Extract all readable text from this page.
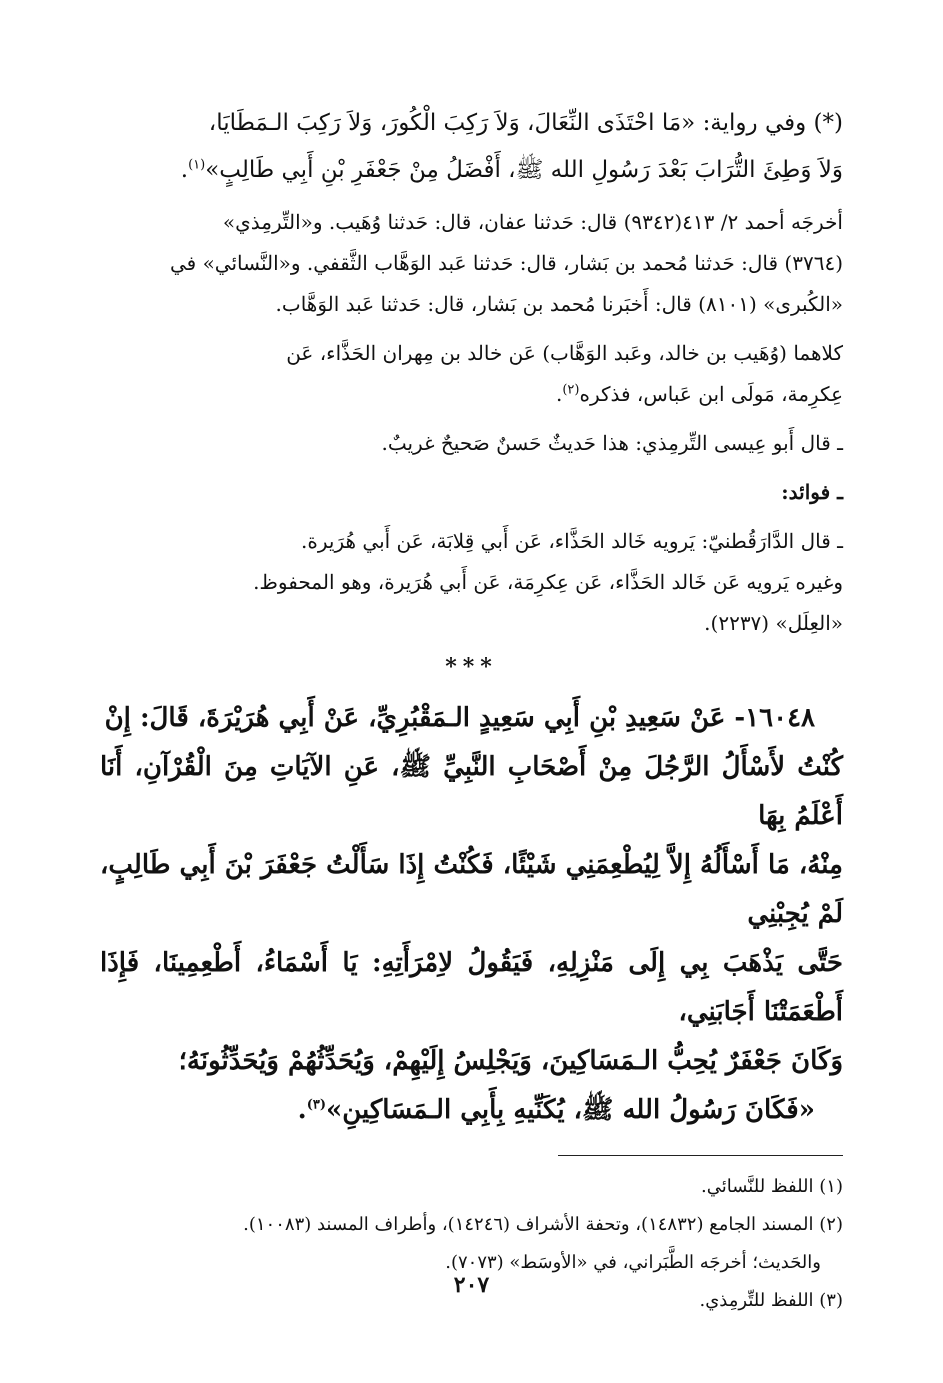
(*) وفي رواية: «مَا احْتَذَى النِّعَالَ، وَلاَ رَكِبَ الْكُورَ، وَلاَ رَكِبَ الـمَطَايَا،
وَلاَ وَطِئَ التُّرَابَ بَعْدَ رَسُولِ الله ﷺ، أَفْضَلُ مِنْ جَعْفَرِ بْنِ أَبِي طَالِبٍ»$^{(١)}$.

أخرجَه أحمد ٢/ ٤١٣(٩٣٤٢) قال: حَدثنا عفان، قال: حَدثنا وُهَيب. و«التِّرمِذي»
(٣٧٦٤) قال: حَدثنا مُحمد بن بَشار، قال: حَدثنا عَبد الوَهَّاب الثَّقفي. و«النَّسائي» في
«الكُبرى» (٨١٠١) قال: أَخبَرنا مُحمد بن بَشار، قال: حَدثنا عَبد الوَهَّاب.

كلاهما (وُهَيب بن خالد، وعَبد الوَهَّاب) عَن خالد بن مِهران الحَذَّاء، عَن
عِكرِمة، مَولَى ابن عَباس، فذكره$^{(٢)}$.

ـ قال أَبو عِيسى التِّرمِذي: هذا حَديثٌ حَسنٌ صَحيحٌ غريبٌ.

ـ فوائد:

ـ قال الدَّارَقُطنيّ: يَرويه خَالد الحَذَّاء، عَن أَبي قِلابَة، عَن أَبي هُرَيرة.
وغيره يَرويه عَن خَالد الحَذَّاء، عَن عِكرِمَة، عَن أَبي هُرَيرة، وهو المحفوظ.
«العِلَل» (٢٢٣٧).

***

١٦٠٤٨- عَنْ سَعِيدِ بْنِ أَبِي سَعِيدٍ الـمَقْبُرِيِّ، عَنْ أَبِي هُرَيْرَةَ، قَالَ: إِنْ
كُنْتُ لأَسْأَلُ الرَّجُلَ مِنْ أَصْحَابِ النَّبِيِّ ﷺ، عَنِ الآيَاتِ مِنَ الْقُرْآنِ، أَنَا أَعْلَمُ بِهَا
مِنْهُ، مَا أَسْأَلُهُ إِلاَّ لِيُطْعِمَنِي شَيْئًا، فَكُنْتُ إِذَا سَأَلْتُ جَعْفَرَ بْنَ أَبِي طَالِبٍ، لَمْ يُجِبْنِي
حَتَّى يَذْهَبَ بِي إِلَى مَنْزِلِهِ، فَيَقُولُ لاِمْرَأَتِهِ: يَا أَسْمَاءُ، أَطْعِمِينَا، فَإِذَا أَطْعَمَتْنَا أَجَابَنِي،
وَكَانَ جَعْفَرٌ يُحِبُّ الـمَسَاكِينَ، وَيَجْلِسُ إِلَيْهِمْ، وَيُحَدِّثُهُمْ وَيُحَدِّثُونَهُ؛
«فَكَانَ رَسُولُ الله ﷺ، يُكَنِّيهِ بِأَبِي الـمَسَاكِينِ»$^{(٣)}$.

(١) اللفظ للنَّسائي.

(٢) المسند الجامع (١٤٨٣٢)، وتحفة الأشراف (١٤٢٤٦)، وأطراف المسند (١٠٠٨٣).

والحَديث؛ أخرجَه الطَّبَراني، في «الأوسَط» (٧٠٧٣).

(٣) اللفظ للتِّرمِذي.

٢٠٧
